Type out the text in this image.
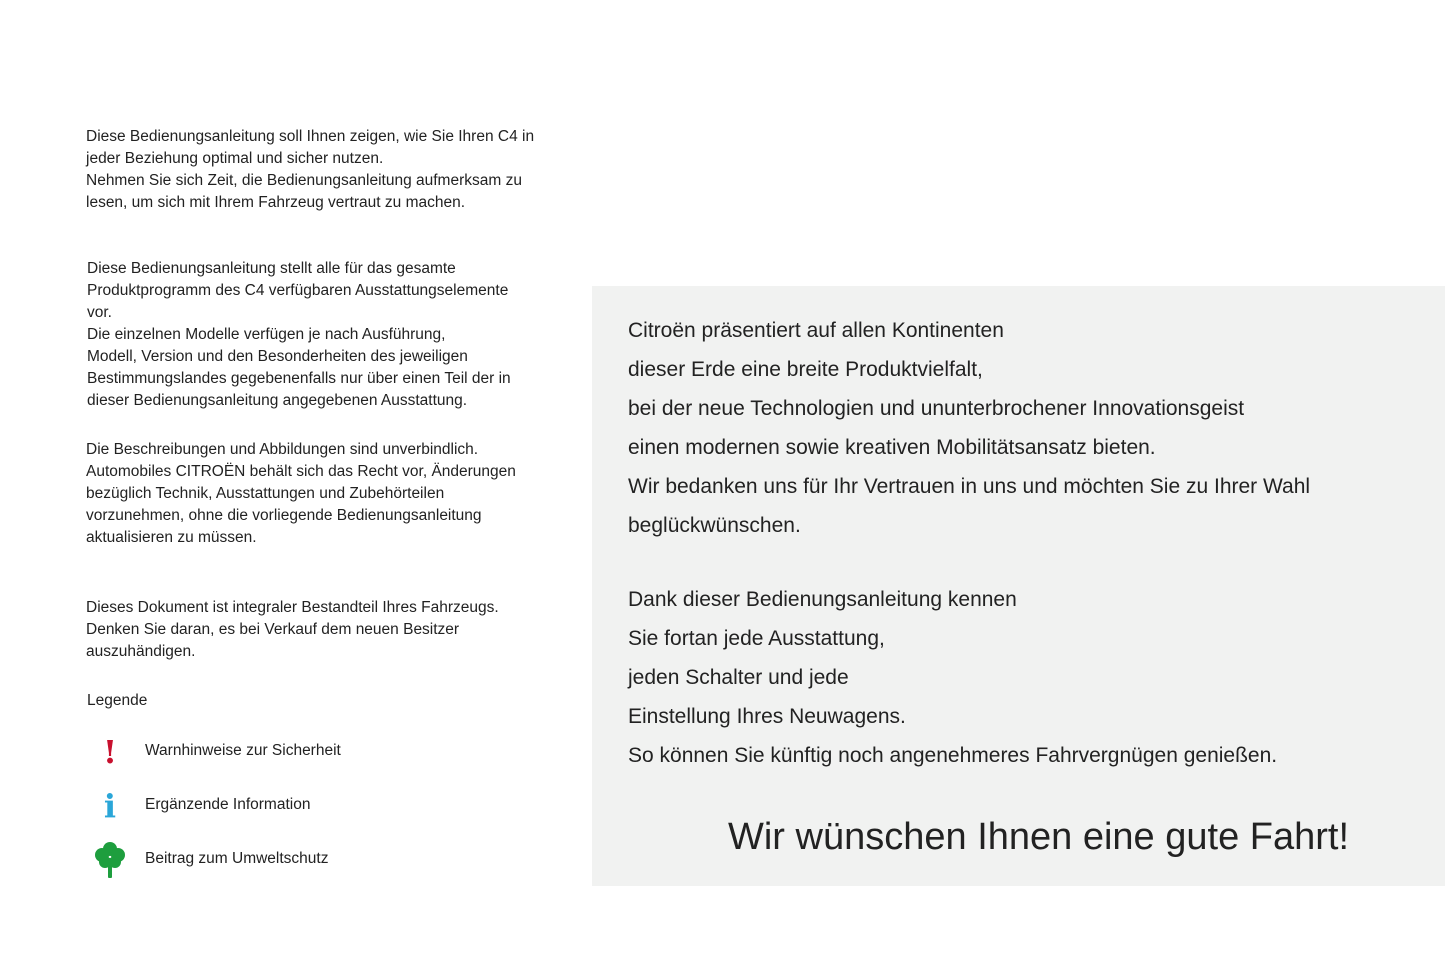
Diese Bedienungsanleitung soll Ihnen zeigen, wie Sie Ihren C4 in
jeder Beziehung optimal und sicher nutzen.
Nehmen Sie sich Zeit, die Bedienungsanleitung aufmerksam zu
lesen, um sich mit Ihrem Fahrzeug vertraut zu machen.

Diese Bedienungsanleitung stellt alle für das gesamte
Produktprogramm des C4 verfügbaren Ausstattungselemente
vor.
Die einzelnen Modelle verfügen je nach Ausführung,
Modell, Version und den Besonderheiten des jeweiligen
Bestimmungslandes gegebenenfalls nur über einen Teil der in
dieser Bedienungsanleitung angegebenen Ausstattung.

Die Beschreibungen und Abbildungen sind unverbindlich.
Automobiles CITROËN behält sich das Recht vor, Änderungen
bezüglich Technik, Ausstattungen und Zubehörteilen
vorzunehmen, ohne die vorliegende Bedienungsanleitung
aktualisieren zu müssen.

Dieses Dokument ist integraler Bestandteil Ihres Fahrzeugs.
Denken Sie daran, es bei Verkauf dem neuen Besitzer
auszuhändigen.

Legende
!	Warnhinweise zur Sicherheit
i	Ergänzende Information
Beitrag zum Umweltschutz
Citroën präsentiert auf allen Kontinenten
dieser Erde eine breite Produktvielfalt,
bei der neue Technologien und ununterbrochener Innovationsgeist
einen modernen sowie kreativen Mobilitätsansatz bieten.
Wir bedanken uns für Ihr Vertrauen in uns und möchten Sie zu Ihrer Wahl
beglückwünschen.
Dank dieser Bedienungsanleitung kennen
Sie fortan jede Ausstattung,
jeden Schalter und jede
Einstellung Ihres Neuwagens.
So können Sie künftig noch angenehmeres Fahrvergnügen genießen.
Wir wünschen Ihnen eine gute Fahrt!
